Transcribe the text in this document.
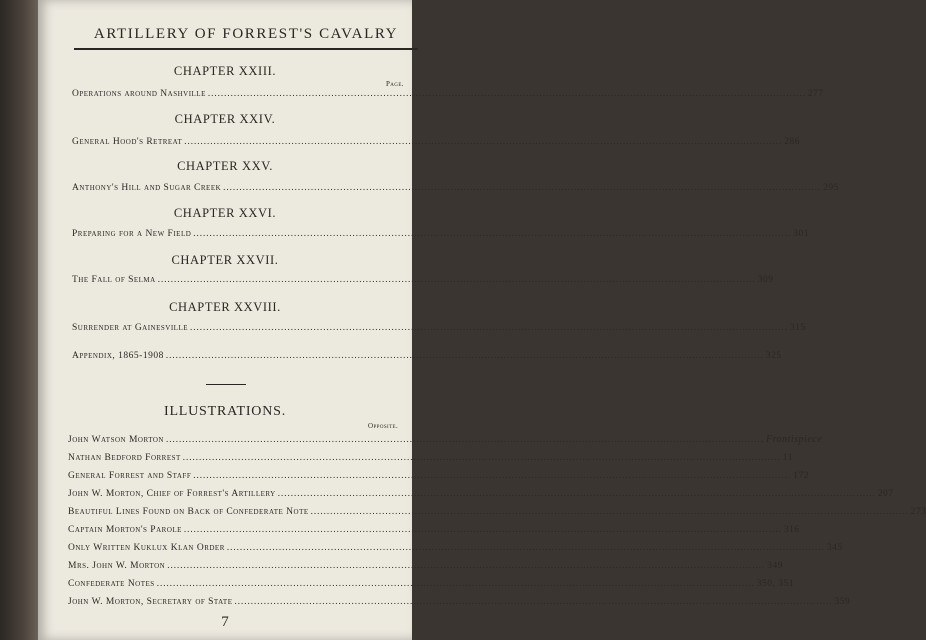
ARTILLERY OF FORREST'S CAVALRY
CHAPTER XXIII.
Page.
Operations around Nashville .....	277
CHAPTER XXIV.
General Hood's Retreat .....	286
CHAPTER XXV.
Anthony's Hill and Sugar Creek .....	295
CHAPTER XXVI.
Preparing for a New Field .....	301
CHAPTER XXVII.
The Fall of Selma .....	309
CHAPTER XXVIII.
Surrender at Gainesville .....	315
Appendix, 1865-1908 .....	325
ILLUSTRATIONS.
Opposite.
John Watson Morton .....	Frontispiece
Nathan Bedford Forrest .....	11
General Forrest and Staff .....	172
John W. Morton, Chief of Forrest's Artillery .....	207
Beautiful Lines Found on Back of Confederate Note .....	273
Captain Morton's Parole .....	316
Only Written Kuklux Klan Order .....	345
Mrs. John W. Morton .....	349
Confederate Notes .....	350, 351
John W. Morton, Secretary of State .....	359
7
